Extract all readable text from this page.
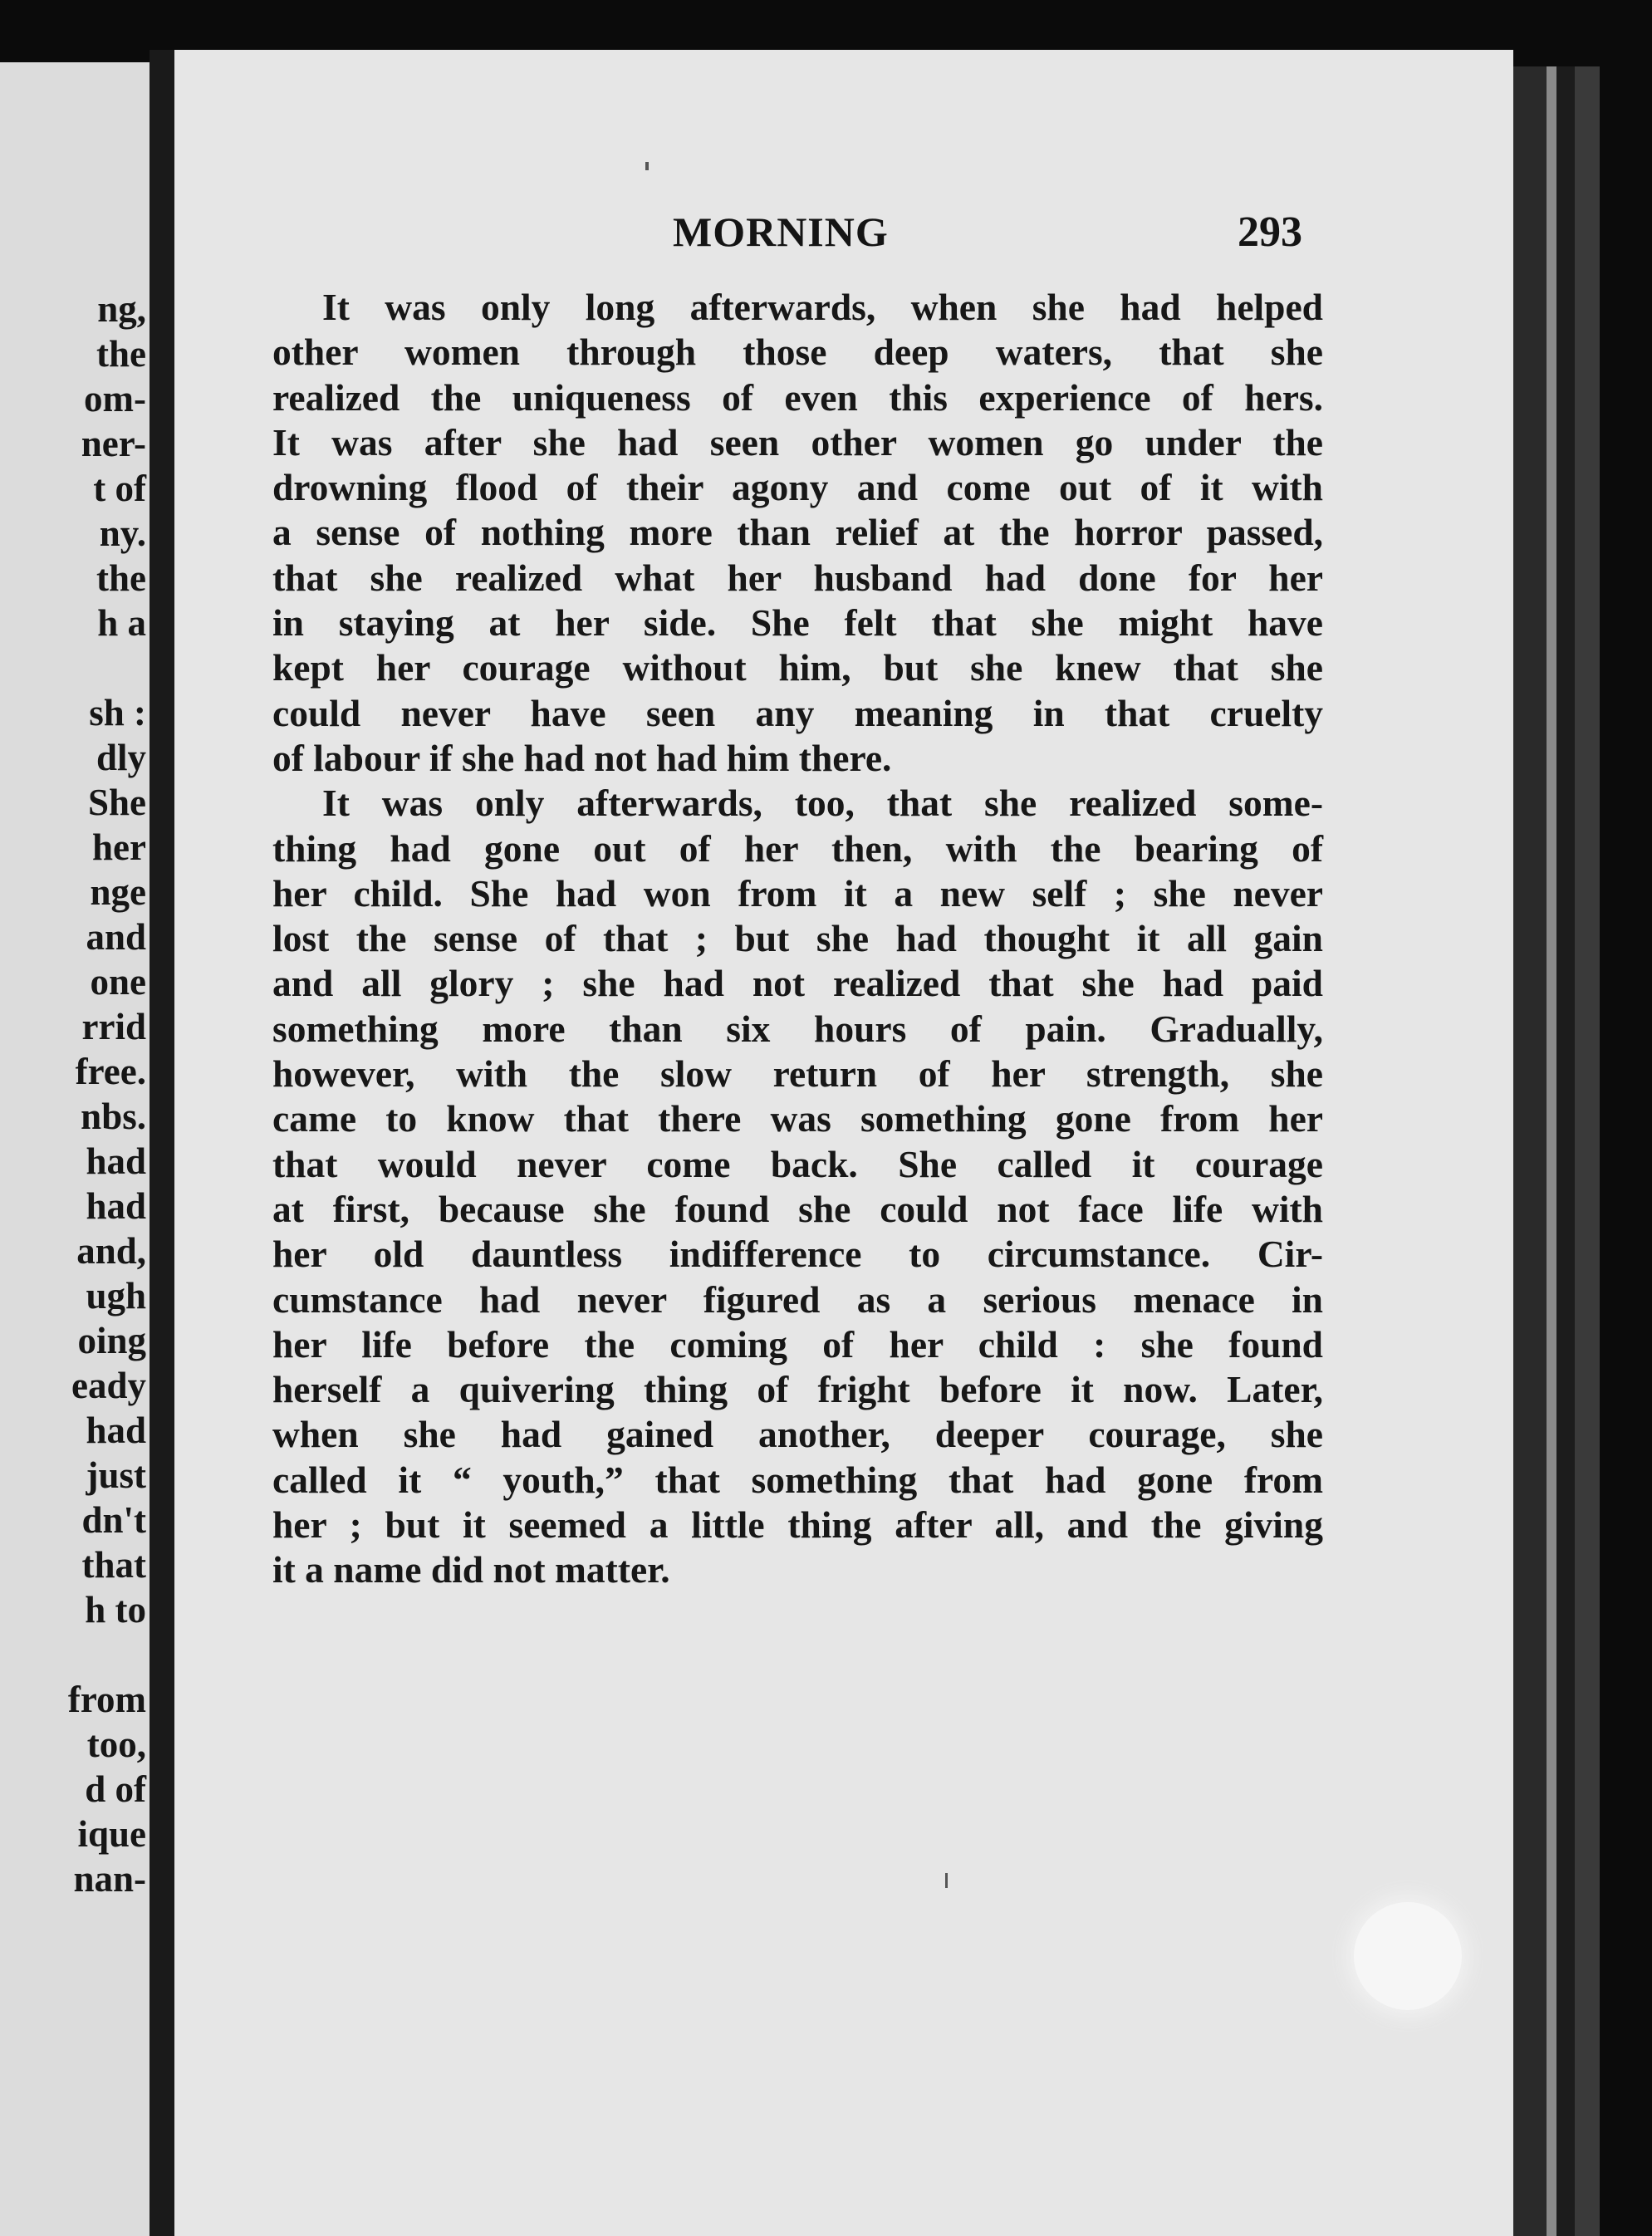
ng,
the
om-
ner-
t of
ny.
the
h a
sh :
dly
She
her
nge
and
one
rrid
free.
nbs.
had
had
and,
ugh
oing
eady
had
just
dn't
that
h to
from
too,
d of
ique
nan-
MORNING	293
It was only long afterwards, when she had helped
other women through those deep waters, that she
realized the uniqueness of even this experience of hers.
It was after she had seen other women go under the
drowning flood of their agony and come out of it with
a sense of nothing more than relief at the horror passed,
that she realized what her husband had done for her
in staying at her side. She felt that she might have
kept her courage without him, but she knew that she
could never have seen any meaning in that cruelty
of labour if she had not had him there.
It was only afterwards, too, that she realized some-
thing had gone out of her then, with the bearing of
her child. She had won from it a new self ; she never
lost the sense of that ; but she had thought it all gain
and all glory ; she had not realized that she had paid
something more than six hours of pain. Gradually,
however, with the slow return of her strength, she
came to know that there was something gone from her
that would never come back. She called it courage
at first, because she found she could not face life with
her old dauntless indifference to circumstance. Cir-
cumstance had never figured as a serious menace in
her life before the coming of her child : she found
herself a quivering thing of fright before it now. Later,
when she had gained another, deeper courage, she
called it “ youth,” that something that had gone from
her ; but it seemed a little thing after all, and the giving
it a name did not matter.
